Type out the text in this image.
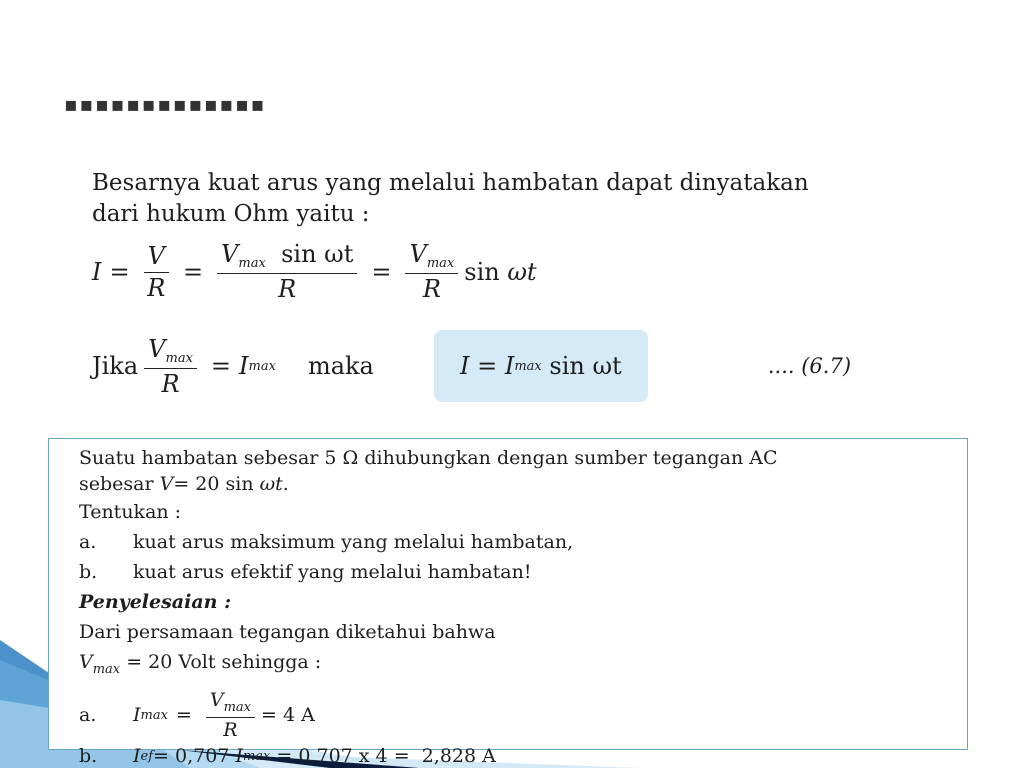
▪▪▪▪▪▪▪▪▪▪▪▪▪
Besarnya kuat arus yang melalui hambatan dapat dinyatakan
dari hukum Ohm yaitu :
$I = \frac{V}{R} = \frac{V_{max} \sin \omega t}{R} = \frac{V_{max}}{R}$ sin
ωt
Jika $\frac{V_{max}}{R} = I$ max maka	I = I max
sin ωt	.... (6.7)
Suatu hambatan sebesar 5 Ω dihubungkan dengan sumber tegangan AC
sebesar V= 20 sin ωt.
Tentukan :
a.	kuat arus maksimum yang melalui hambatan,
b.	kuat arus efektif yang melalui hambatan!
Penyelesaian :
Dari persamaan tegangan diketahui bahwa
$V_{max} = 20$ Volt sehingga :
a.	I $\max = \frac{V_{max}}{R} = 4$ A
b.	I ef = 0,707 I max = 0,707 x 4 =  2,828 A
